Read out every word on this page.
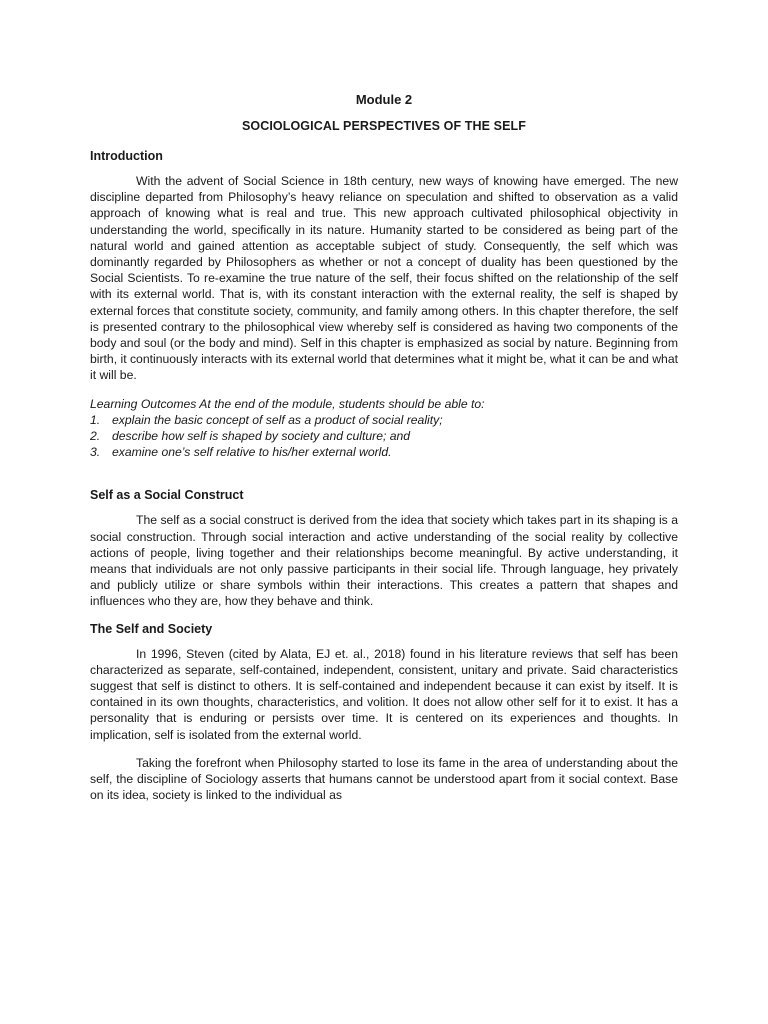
Module 2
SOCIOLOGICAL PERSPECTIVES OF THE SELF
Introduction

With the advent of Social Science in 18th century, new ways of knowing have emerged. The new discipline departed from Philosophy’s heavy reliance on speculation and shifted to observation as a valid approach of knowing what is real and true. This new approach cultivated philosophical objectivity in understanding the world, specifically in its nature. Humanity started to be considered as being part of the natural world and gained attention as acceptable subject of study. Consequently, the self which was dominantly regarded by Philosophers as whether or not a concept of duality has been questioned by the Social Scientists. To re-examine the true nature of the self, their focus shifted on the relationship of the self with its external world. That is, with its constant interaction with the external reality, the self is shaped by external forces that constitute society, community, and family among others. In this chapter therefore, the self is presented contrary to the philosophical view whereby self is considered as having two components of the body and soul (or the body and mind). Self in this chapter is emphasized as social by nature. Beginning from birth, it continuously interacts with its external world that determines what it might be, what it can be and what it will be.

Learning Outcomes At the end of the module, students should be able to:
1. explain the basic concept of self as a product of social reality;
2. describe how self is shaped by society and culture; and
3. examine one’s self relative to his/her external world.
Self as a Social Construct

The self as a social construct is derived from the idea that society which takes part in its shaping is a social construction. Through social interaction and active understanding of the social reality by collective actions of people, living together and their relationships become meaningful. By active understanding, it means that individuals are not only passive participants in their social life. Through language, hey privately and publicly utilize or share symbols within their interactions. This creates a pattern that shapes and influences who they are, how they behave and think.

The Self and Society

In 1996, Steven (cited by Alata, EJ et. al., 2018) found in his literature reviews that self has been characterized as separate, self-contained, independent, consistent, unitary and private. Said characteristics suggest that self is distinct to others. It is self-contained and independent because it can exist by itself. It is contained in its own thoughts, characteristics, and volition. It does not allow other self for it to exist. It has a personality that is enduring or persists over time. It is centered on its experiences and thoughts. In implication, self is isolated from the external world.

Taking the forefront when Philosophy started to lose its fame in the area of understanding about the self, the discipline of Sociology asserts that humans cannot be understood apart from it social context. Base on its idea, society is linked to the individual as
